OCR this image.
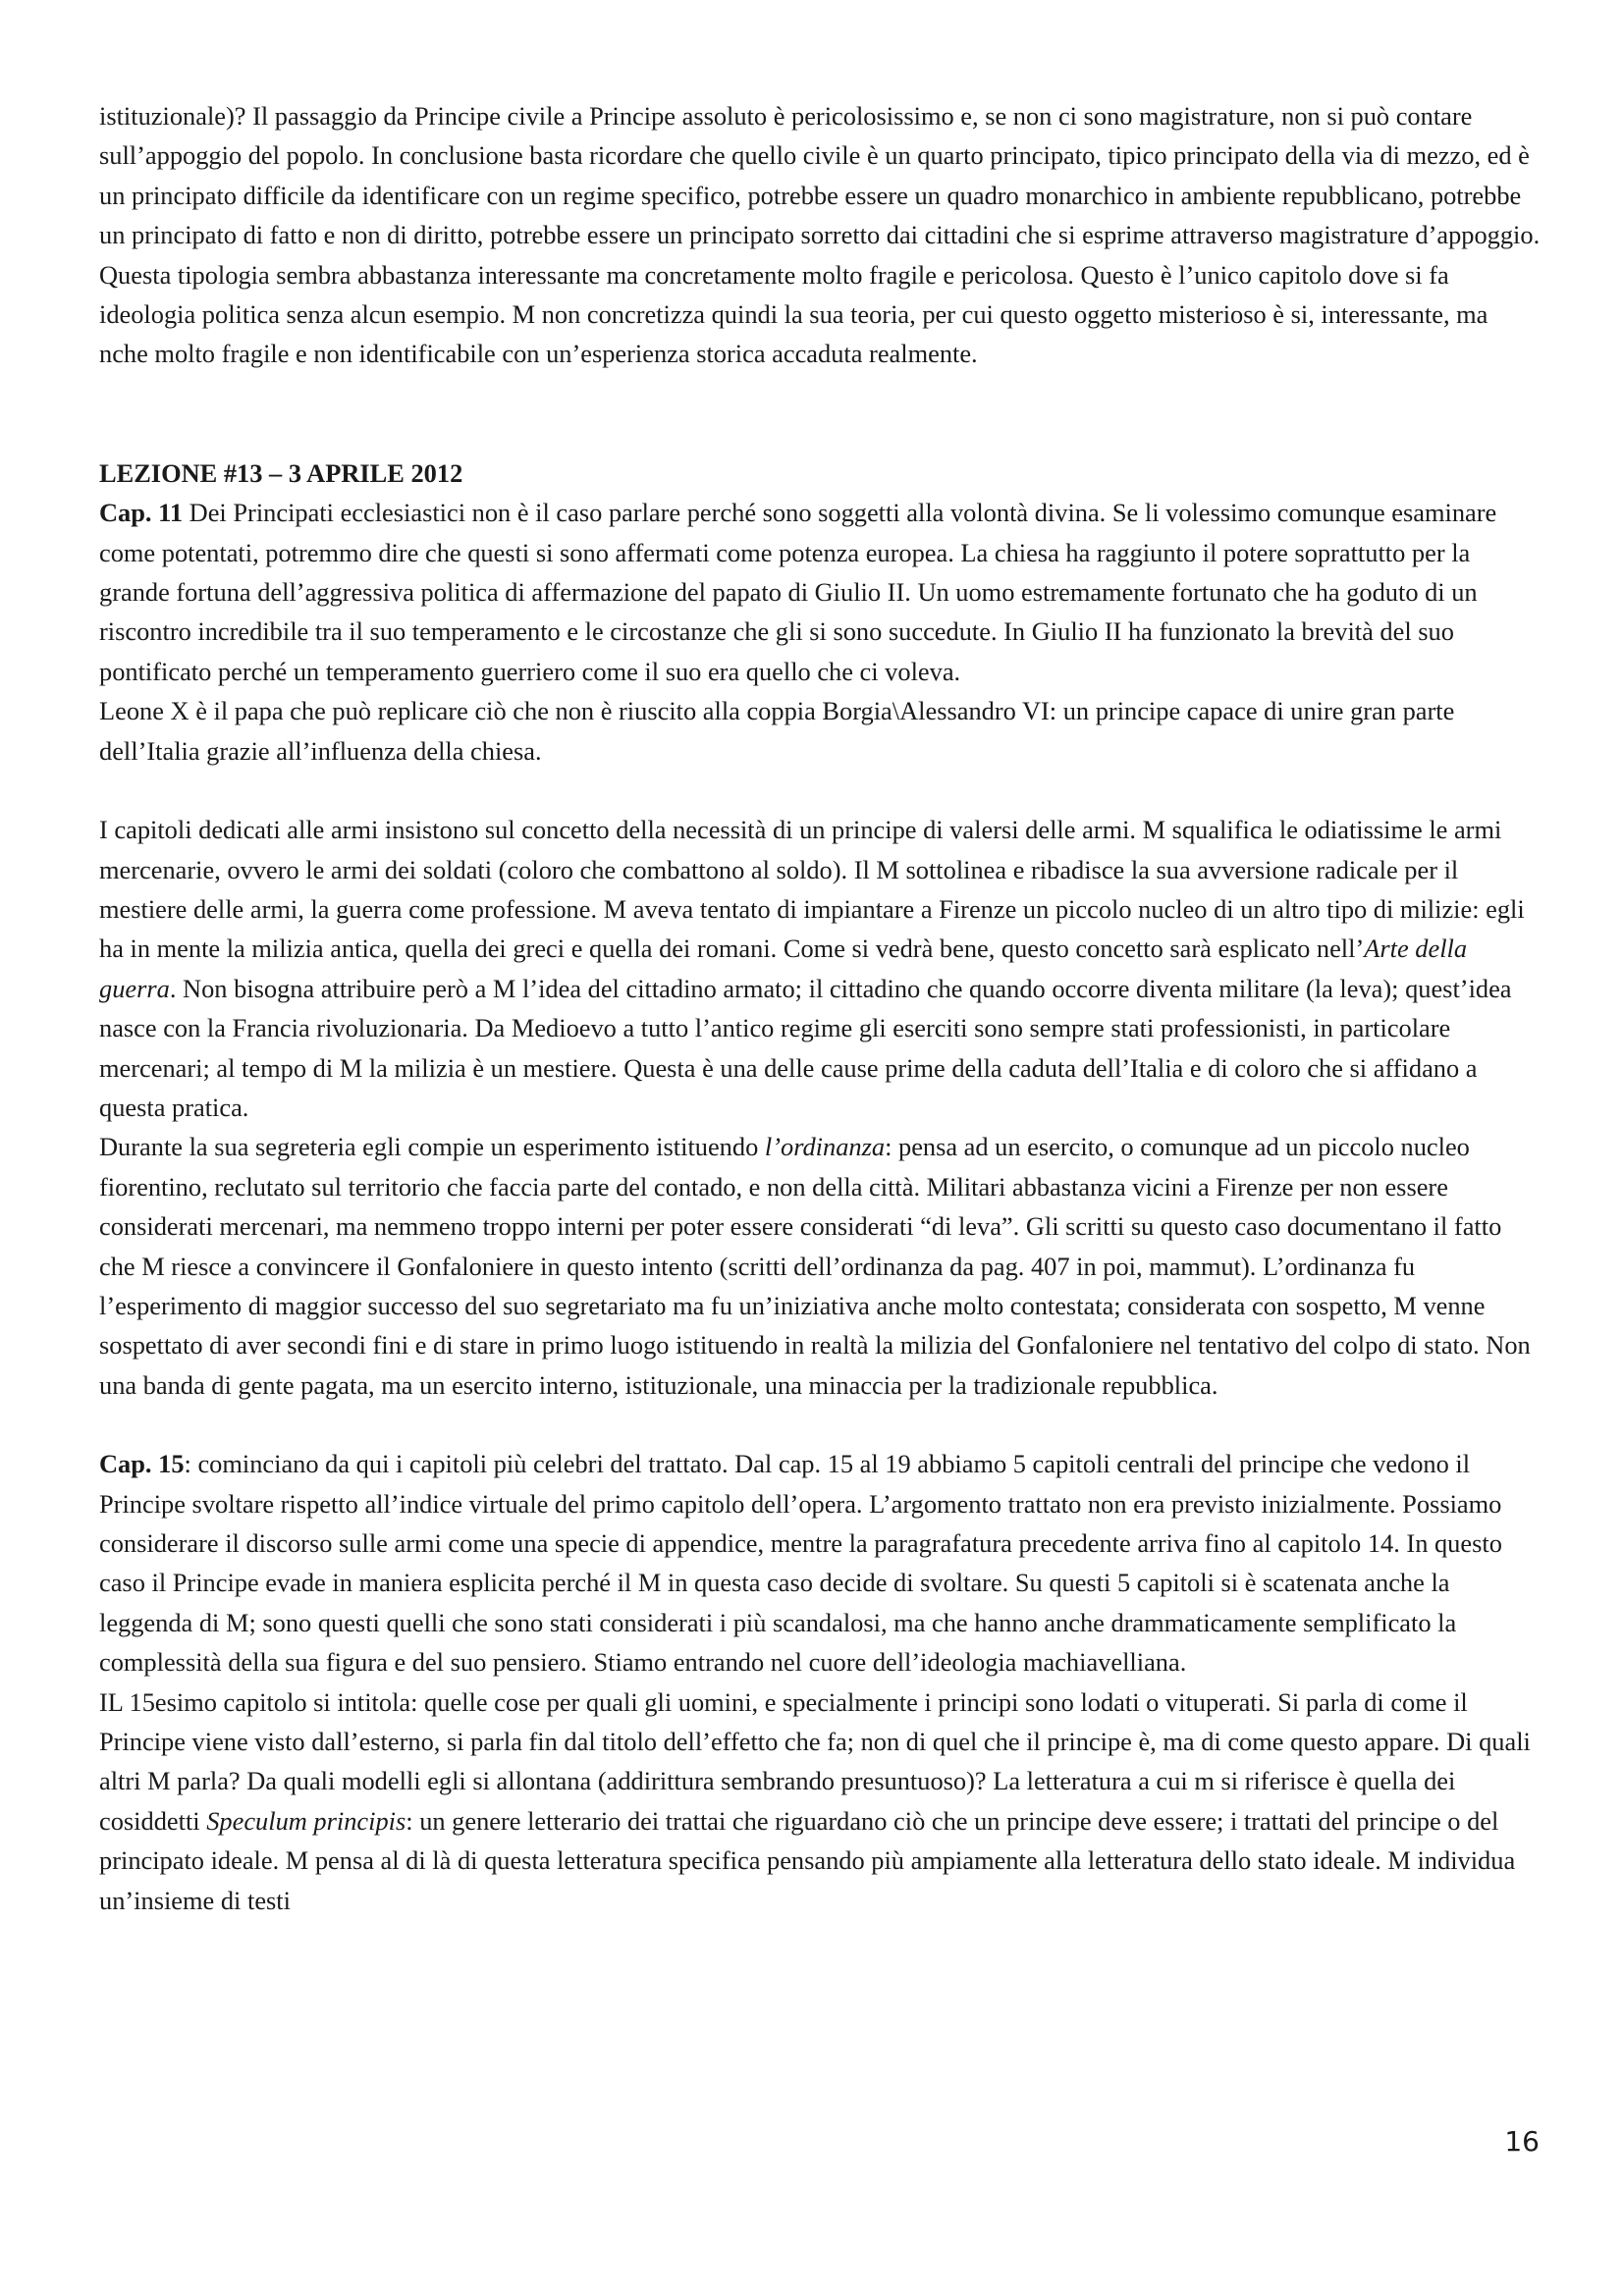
istituzionale)? Il passaggio da Principe civile a Principe assoluto è pericolosissimo e, se non ci sono magistrature, non si può contare sull’appoggio del popolo. In conclusione basta ricordare che quello civile è un quarto principato, tipico principato della via di mezzo, ed è un principato difficile da identificare con un regime specifico, potrebbe essere un quadro monarchico in ambiente repubblicano, potrebbe un principato di fatto e non di diritto, potrebbe essere un principato sorretto dai cittadini che si esprime attraverso magistrature d’appoggio. Questa tipologia sembra abbastanza interessante ma concretamente molto fragile e pericolosa. Questo è l’unico capitolo dove si fa ideologia politica senza alcun esempio. M non concretizza quindi la sua teoria, per cui questo oggetto misterioso è si, interessante, ma nche molto fragile e non identificabile con un’esperienza storica accaduta realmente.

LEZIONE #13 – 3 APRILE 2012

Cap. 11 Dei Principati ecclesiastici non è il caso parlare perché sono soggetti alla volontà divina. Se li volessimo comunque esaminare come potentati, potremmo dire che questi si sono affermati come potenza europea. La chiesa ha raggiunto il potere soprattutto per la grande fortuna dell’aggressiva politica di affermazione del papato di Giulio II. Un uomo estremamente fortunato che ha goduto di un riscontro incredibile tra il suo temperamento e le circostanze che gli si sono succedute. In Giulio II ha funzionato la brevità del suo pontificato perché un temperamento guerriero come il suo era quello che ci voleva.

Leone X è il papa che può replicare ciò che non è riuscito alla coppia Borgia\Alessandro VI: un principe capace di unire gran parte dell’Italia grazie all’influenza della chiesa.

I capitoli dedicati alle armi insistono sul concetto della necessità di un principe di valersi delle armi. M squalifica le odiatissime le armi mercenarie, ovvero le armi dei soldati (coloro che combattono al soldo). Il M sottolinea e ribadisce la sua avversione radicale per il mestiere delle armi, la guerra come professione. M aveva tentato di impiantare a Firenze un piccolo nucleo di un altro tipo di milizie: egli ha in mente la milizia antica, quella dei greci e quella dei romani. Come si vedrà bene, questo concetto sarà esplicato nell’Arte della guerra. Non bisogna attribuire però a M l’idea del cittadino armato; il cittadino che quando occorre diventa militare (la leva); quest’idea nasce con la Francia rivoluzionaria. Da Medioevo a tutto l’antico regime gli eserciti sono sempre stati professionisti, in particolare mercenari; al tempo di M la milizia è un mestiere. Questa è una delle cause prime della caduta dell’Italia e di coloro che si affidano a questa pratica.

Durante la sua segreteria egli compie un esperimento istituendo l’ordinanza: pensa ad un esercito, o comunque ad un piccolo nucleo fiorentino, reclutato sul territorio che faccia parte del contado, e non della città. Militari abbastanza vicini a Firenze per non essere considerati mercenari, ma nemmeno troppo interni per poter essere considerati “di leva”. Gli scritti su questo caso documentano il fatto che M riesce a convincere il Gonfaloniere in questo intento (scritti dell’ordinanza da pag. 407 in poi, mammut). L’ordinanza fu l’esperimento di maggior successo del suo segretariato ma fu un’iniziativa anche molto contestata; considerata con sospetto, M venne sospettato di aver secondi fini e di stare in primo luogo istituendo in realtà la milizia del Gonfaloniere nel tentativo del colpo di stato. Non una banda di gente pagata, ma un esercito interno, istituzionale, una minaccia per la tradizionale repubblica.

Cap. 15: cominciano da qui i capitoli più celebri del trattato. Dal cap. 15 al 19 abbiamo 5 capitoli centrali del principe che vedono il Principe svoltare rispetto all’indice virtuale del primo capitolo dell’opera. L’argomento trattato non era previsto inizialmente. Possiamo considerare il discorso sulle armi come una specie di appendice, mentre la paragrafatura precedente arriva fino al capitolo 14. In questo caso il Principe evade in maniera esplicita perché il M in questa caso decide di svoltare. Su questi 5 capitoli si è scatenata anche la leggenda di M; sono questi quelli che sono stati considerati i più scandalosi, ma che hanno anche drammaticamente semplificato la complessità della sua figura e del suo pensiero. Stiamo entrando nel cuore dell’ideologia machiavelliana.

IL 15esimo capitolo si intitola: quelle cose per quali gli uomini, e specialmente i principi sono lodati o vituperati. Si parla di come il Principe viene visto dall’esterno, si parla fin dal titolo dell’effetto che fa; non di quel che il principe è, ma di come questo appare. Di quali altri M parla? Da quali modelli egli si allontana (addirittura sembrando presuntuoso)? La letteratura a cui m si riferisce è quella dei cosiddetti Speculum principis: un genere letterario dei trattai che riguardano ciò che un principe deve essere; i trattati del principe o del principato ideale. M pensa al di là di questa letteratura specifica pensando più ampiamente alla letteratura dello stato ideale. M individua un’insieme di testi

16
